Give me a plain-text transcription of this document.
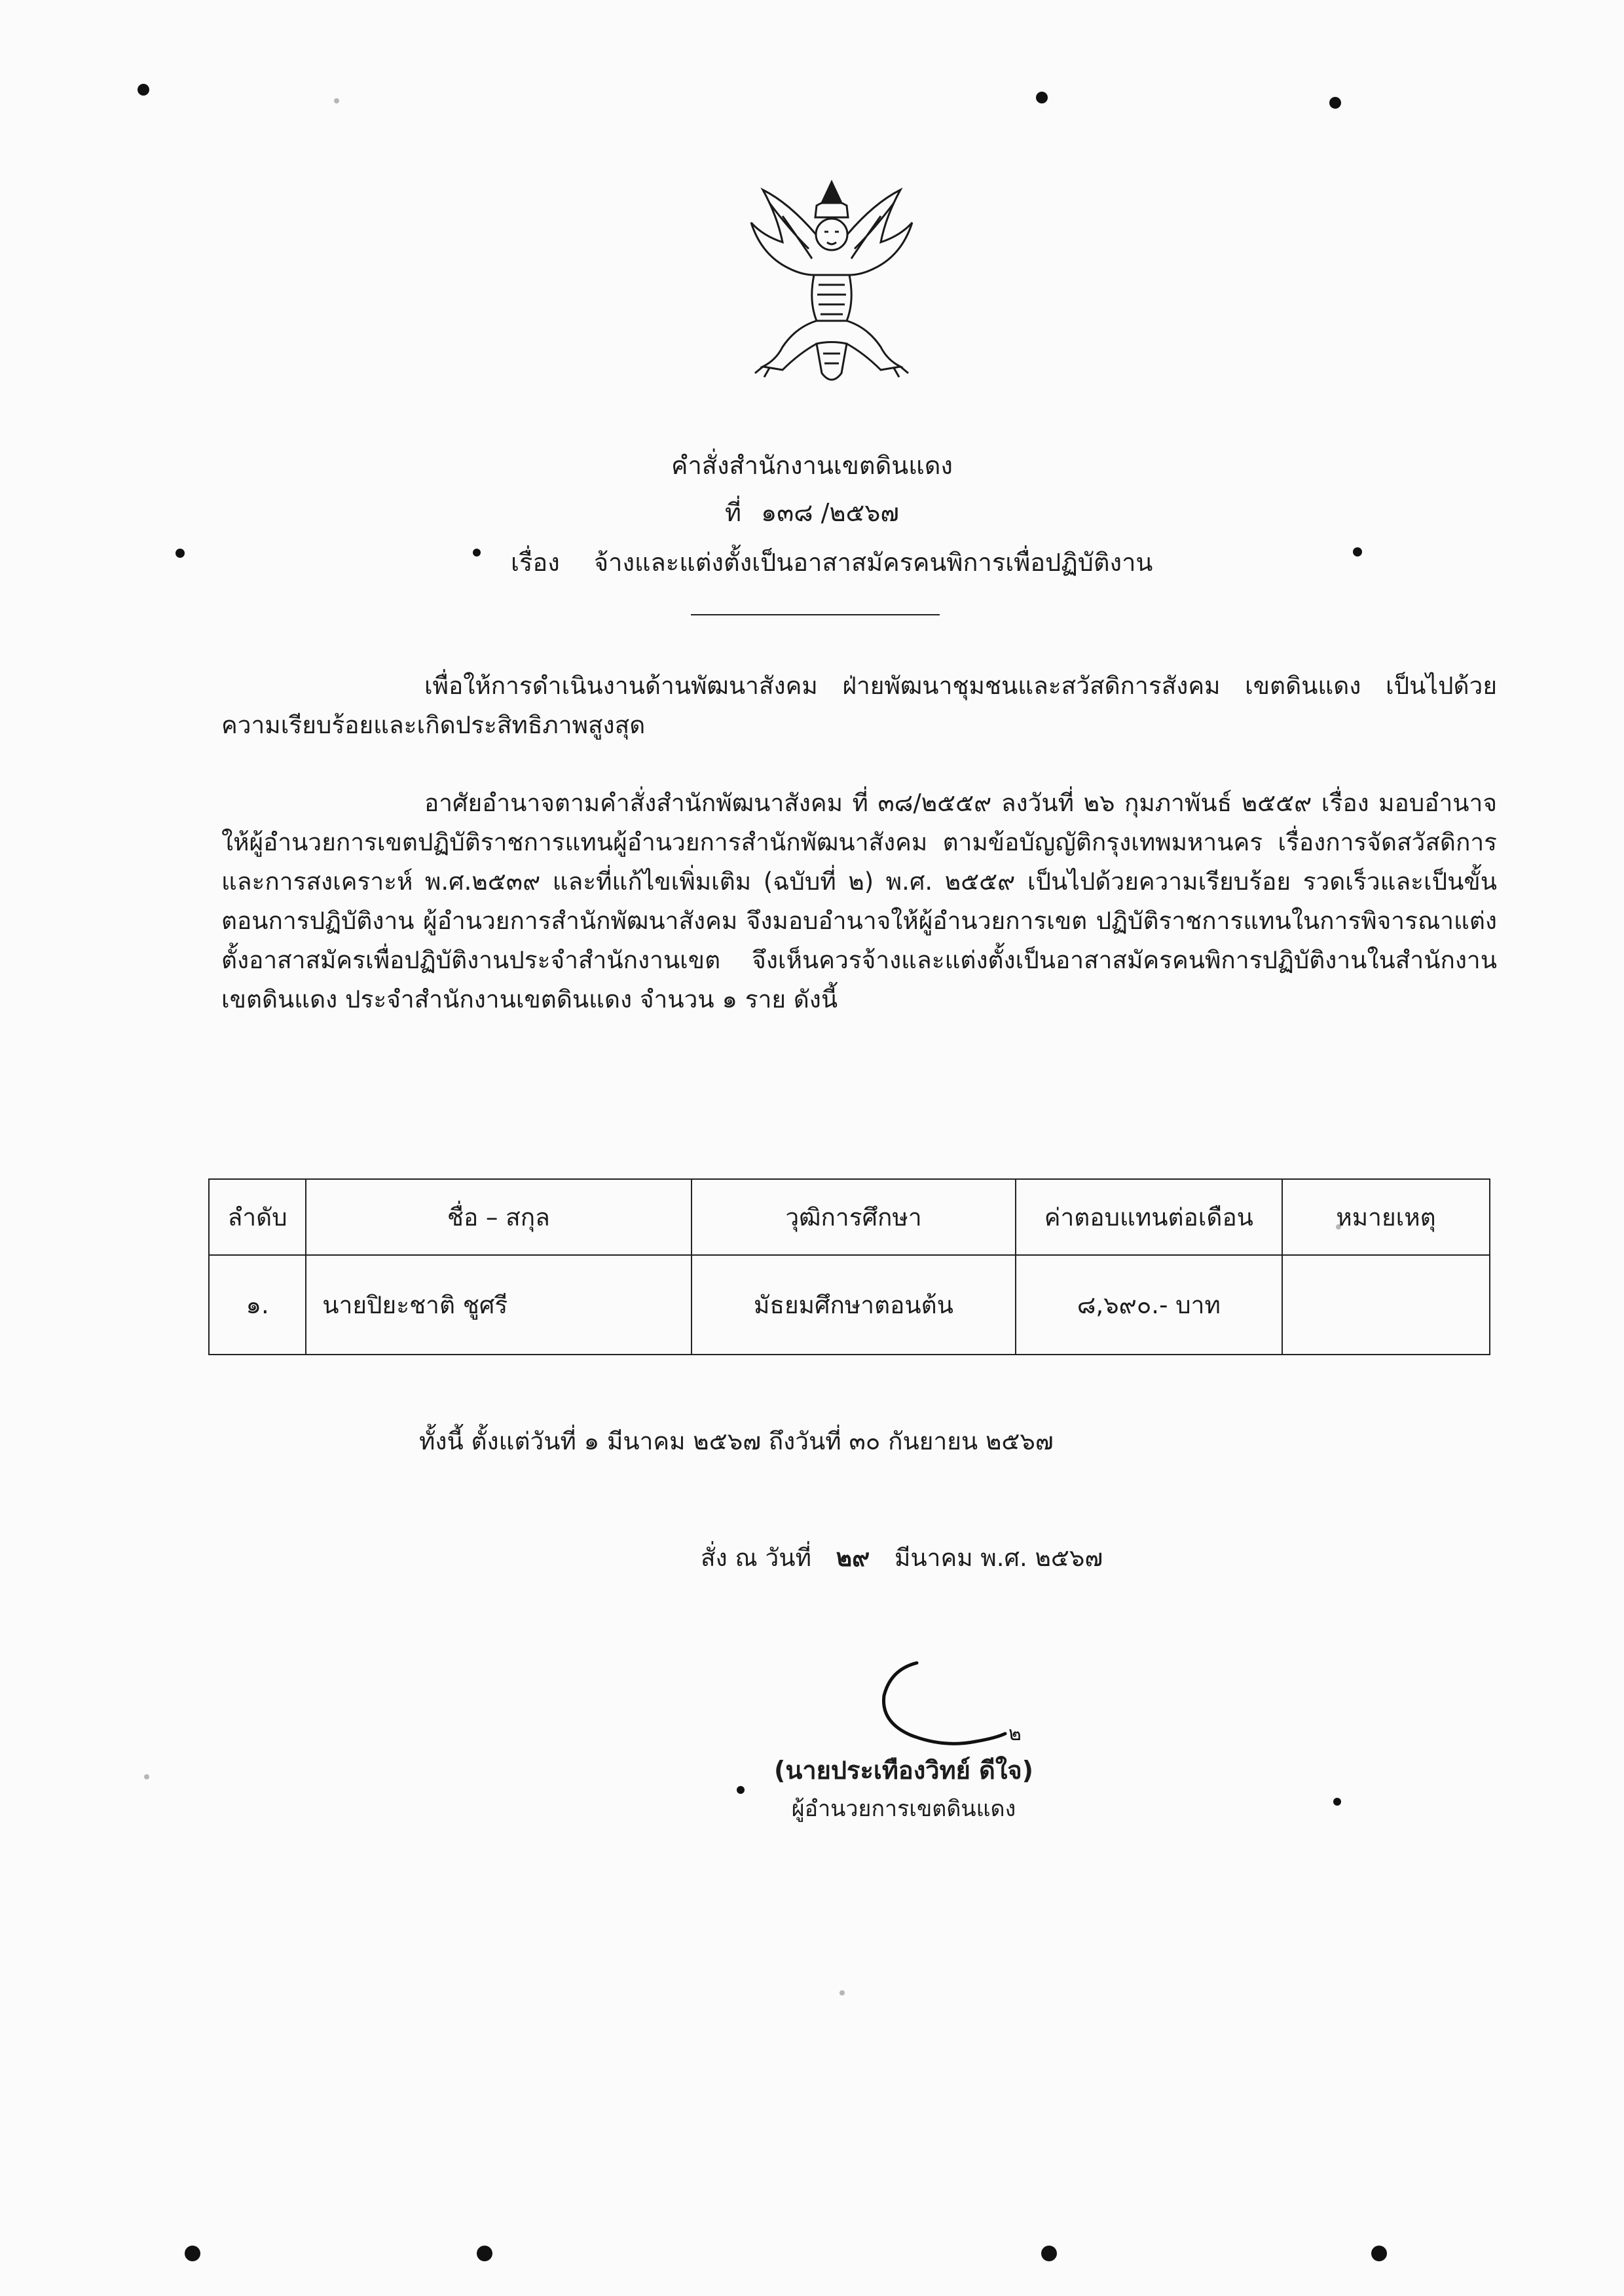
คำสั่งสำนักงานเขตดินแดง
ที่ ๑๓๘ /๒๕๖๗
เรื่อง จ้างและแต่งตั้งเป็นอาสาสมัครคนพิการเพื่อปฏิบัติงาน
เพื่อให้การดำเนินงานด้านพัฒนาสังคม ฝ่ายพัฒนาชุมชนและสวัสดิการสังคม เขตดินแดง เป็นไปด้วยความเรียบร้อยและเกิดประสิทธิภาพสูงสุด
อาศัยอำนาจตามคำสั่งสำนักพัฒนาสังคม ที่ ๓๘/๒๕๕๙ ลงวันที่ ๒๖ กุมภาพันธ์ ๒๕๕๙ เรื่อง มอบอำนาจให้ผู้อำนวยการเขตปฏิบัติราชการแทนผู้อำนวยการสำนักพัฒนาสังคม ตามข้อบัญญัติกรุงเทพมหานคร เรื่องการจัดสวัสดิการและการสงเคราะห์ พ.ศ.๒๕๓๙ และที่แก้ไขเพิ่มเติม (ฉบับที่ ๒) พ.ศ. ๒๕๕๙ เป็นไปด้วยความเรียบร้อย รวดเร็วและเป็นขั้นตอนการปฏิบัติงาน ผู้อำนวยการสำนักพัฒนาสังคม จึงมอบอำนาจให้ผู้อำนวยการเขต ปฏิบัติราชการแทนในการพิจารณาแต่งตั้งอาสาสมัครเพื่อปฏิบัติงานประจำสำนักงานเขต จึงเห็นควรจ้างและแต่งตั้งเป็นอาสาสมัครคนพิการปฏิบัติงานในสำนักงานเขตดินแดง ประจำสำนักงานเขตดินแดง จำนวน ๑ ราย ดังนี้
ลำดับ	ชื่อ – สกุล	วุฒิการศึกษา	ค่าตอบแทนต่อเดือน	หมายเหตุ
๑.	นายปิยะชาติ ชูศรี	มัธยมศึกษาตอนต้น	๘,๖๙๐.- บาท	
ทั้งนี้ ตั้งแต่วันที่ ๑ มีนาคม ๒๕๖๗ ถึงวันที่ ๓๐ กันยายน ๒๕๖๗
สั่ง ณ วันที่ ๒๙ มีนาคม พ.ศ. ๒๕๖๗
๒
(นายประเทืองวิทย์ ดีใจ)
ผู้อำนวยการเขตดินแดง
